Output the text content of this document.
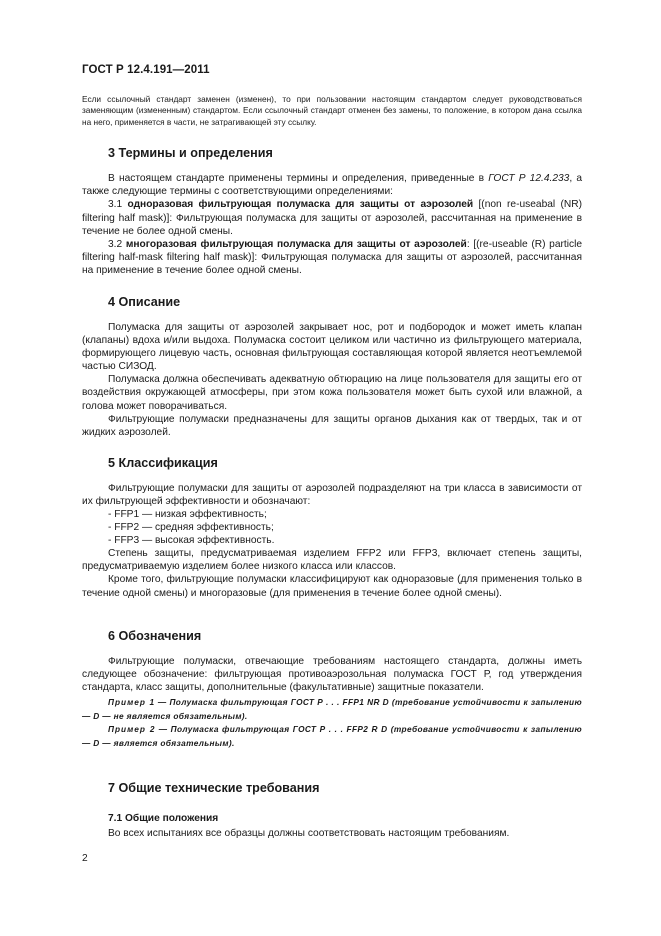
ГОСТ Р 12.4.191—2011

Если ссылочный стандарт заменен (изменен), то при пользовании настоящим стандартом следует руководствоваться заменяющим (измененным) стандартом. Если ссылочный стандарт отменен без замены, то положение, в котором дана ссылка на него, применяется в части, не затрагивающей эту ссылку.

3 Термины и определения

В настоящем стандарте применены термины и определения, приведенные в ГОСТ Р 12.4.233, а также следующие термины с соответствующими определениями:

3.1 одноразовая фильтрующая полумаска для защиты от аэрозолей [(non re-useabal (NR) filtering half mask)]: Фильтрующая полумаска для защиты от аэрозолей, рассчитанная на применение в течение не более одной смены.

3.2 многоразовая фильтрующая полумаска для защиты от аэрозолей: [(re-useable (R) particle filtering half-mask filtering half mask)]: Фильтрующая полумаска для защиты от аэрозолей, рассчитанная на применение в течение более одной смены.

4 Описание

Полумаска для защиты от аэрозолей закрывает нос, рот и подбородок и может иметь клапан (клапаны) вдоха и/или выдоха. Полумаска состоит целиком или частично из фильтрующего материала, формирующего лицевую часть, основная фильтрующая составляющая которой является неотъемлемой частью СИЗОД.

Полумаска должна обеспечивать адекватную обтюрацию на лице пользователя для защиты его от воздействия окружающей атмосферы, при этом кожа пользователя может быть сухой или влажной, а голова может поворачиваться.

Фильтрующие полумаски предназначены для защиты органов дыхания как от твердых, так и от жидких аэрозолей.

5 Классификация

Фильтрующие полумаски для защиты от аэрозолей подразделяют на три класса в зависимости от их фильтрующей эффективности и обозначают:

- FFP1 — низкая эффективность;

- FFP2 — средняя эффективность;

- FFP3 — высокая эффективность.

Степень защиты, предусматриваемая изделием FFP2 или FFP3, включает степень защиты, предусматриваемую изделием более низкого класса или классов.

Кроме того, фильтрующие полумаски классифицируют как одноразовые (для применения только в течение одной смены) и многоразовые (для применения в течение более одной смены).

6 Обозначения

Фильтрующие полумаски, отвечающие требованиям настоящего стандарта, должны иметь следующее обозначение: фильтрующая противоаэрозольная полумаска ГОСТ Р, год утверждения стандарта, класс защиты, дополнительные (факультативные) защитные показатели.

Пример 1 — Полумаска фильтрующая ГОСТ Р . . . FFP1 NR D (требование устойчивости к запылению — D — не является обязательным).

Пример 2 — Полумаска фильтрующая ГОСТ Р . . . FFP2 R D (требование устойчивости к запылению — D — является обязательным).

7 Общие технические требования
7.1 Общие положения

Во всех испытаниях все образцы должны соответствовать настоящим требованиям.

2
